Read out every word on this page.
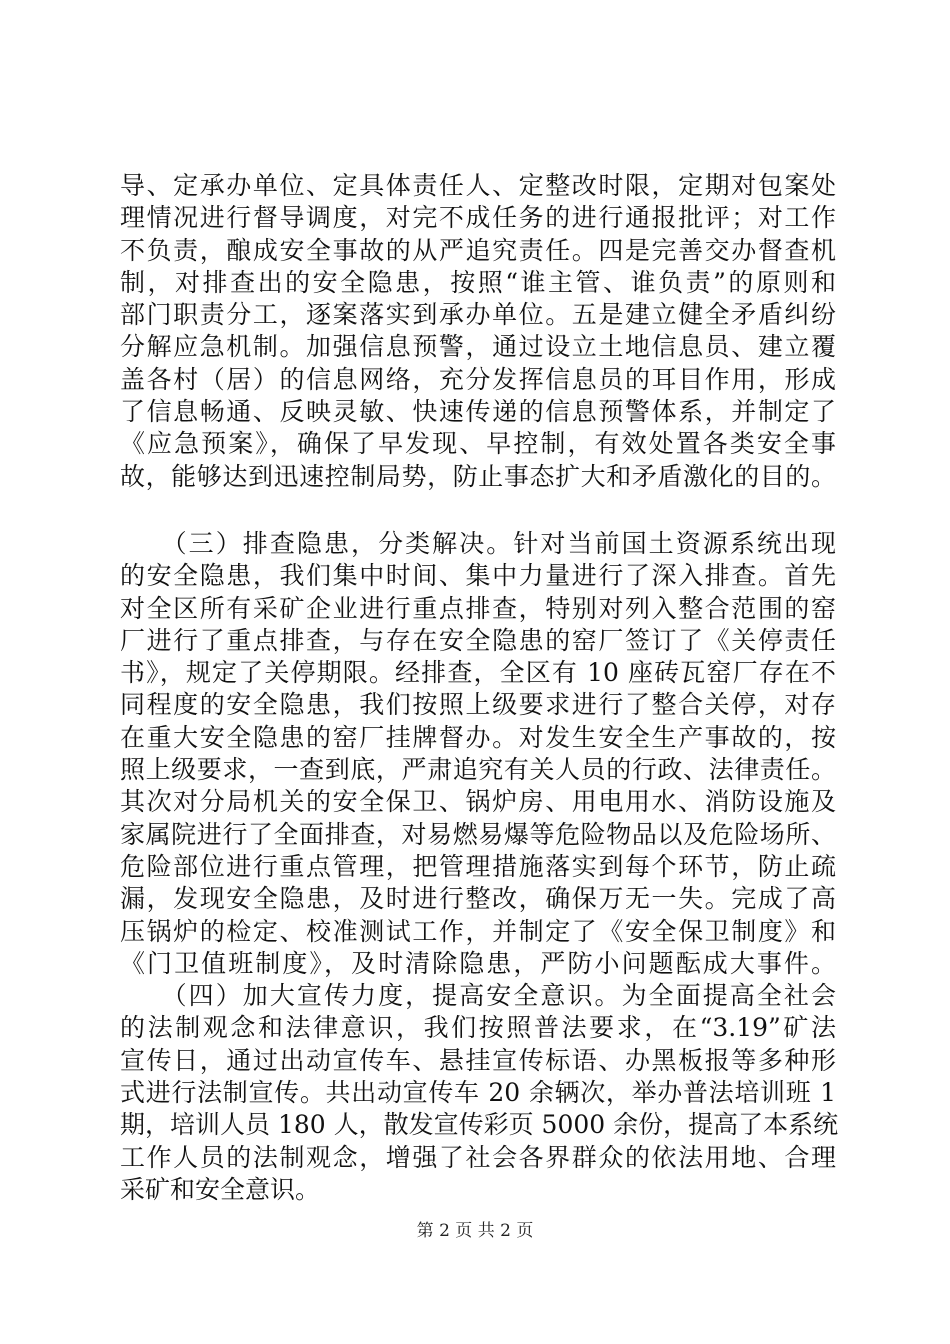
导、定承办单位、定具体责任人、定整改时限，定期对包案处
理情况进行督导调度，对完不成任务的进行通报批评；对工作
不负责，酿成安全事故的从严追究责任。四是完善交办督查机
制，对排查出的安全隐患，按照“谁主管、谁负责”的原则和
部门职责分工，逐案落实到承办单位。五是建立健全矛盾纠纷
分解应急机制。加强信息预警，通过设立土地信息员、建立覆
盖各村（居）的信息网络，充分发挥信息员的耳目作用，形成
了信息畅通、反映灵敏、快速传递的信息预警体系，并制定了
《应急预案》，确保了早发现、早控制，有效处置各类安全事
故，能够达到迅速控制局势，防止事态扩大和矛盾激化的目的。
　　（三）排查隐患，分类解决。针对当前国土资源系统出现
的安全隐患，我们集中时间、集中力量进行了深入排查。首先
对全区所有采矿企业进行重点排查，特别对列入整合范围的窑
厂进行了重点排查，与存在安全隐患的窑厂签订了《关停责任
书》，规定了关停期限。经排查，全区有 10 座砖瓦窑厂存在不
同程度的安全隐患，我们按照上级要求进行了整合关停，对存
在重大安全隐患的窑厂挂牌督办。对发生安全生产事故的，按
照上级要求，一查到底，严肃追究有关人员的行政、法律责任。
其次对分局机关的安全保卫、锅炉房、用电用水、消防设施及
家属院进行了全面排查，对易燃易爆等危险物品以及危险场所、
危险部位进行重点管理，把管理措施落实到每个环节，防止疏
漏，发现安全隐患，及时进行整改，确保万无一失。完成了高
压锅炉的检定、校准测试工作，并制定了《安全保卫制度》和
《门卫值班制度》，及时清除隐患，严防小问题酝成大事件。
　　（四）加大宣传力度，提高安全意识。为全面提高全社会
的法制观念和法律意识，我们按照普法要求，在“3.19”矿法
宣传日，通过出动宣传车、悬挂宣传标语、办黑板报等多种形
式进行法制宣传。共出动宣传车 20 余辆次，举办普法培训班 1
期，培训人员 180 人，散发宣传彩页 5000 余份，提高了本系统
工作人员的法制观念，增强了社会各界群众的依法用地、合理
采矿和安全意识。
第 2 页 共 2 页
